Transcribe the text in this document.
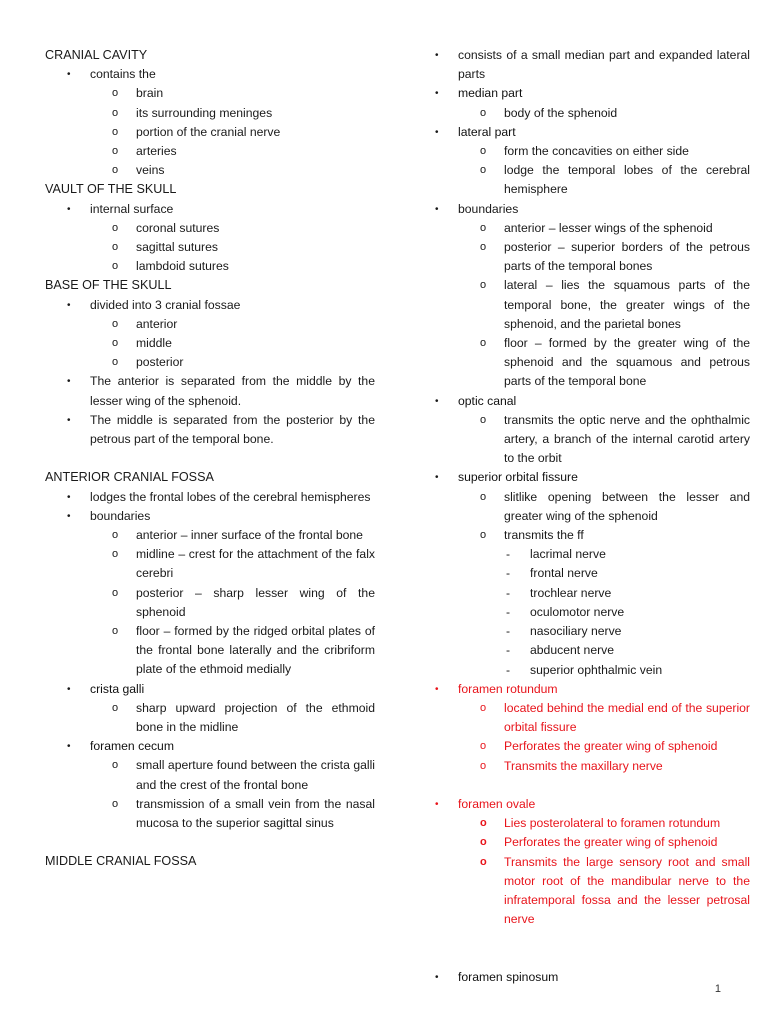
CRANIAL CAVITY
•	contains the
o	brain
o	its surrounding meninges
o	portion of the cranial nerve
o	arteries
o	veins
VAULT OF THE SKULL
•	internal surface
o	coronal sutures
o	sagittal sutures
o	lambdoid sutures
BASE OF THE SKULL
•	divided into 3 cranial fossae
o	anterior
o	middle
o	posterior
•	The anterior is separated from the middle by the lesser wing of the sphenoid.
•	The middle is separated from the posterior by the petrous part of the temporal bone.
ANTERIOR CRANIAL FOSSA
•	lodges the frontal lobes of the cerebral hemispheres
•	boundaries
o	anterior – inner surface of the frontal bone
o	midline – crest for the attachment of the falx cerebri
o	posterior – sharp lesser wing of the sphenoid
o	floor – formed by the ridged orbital plates of the frontal bone laterally and the cribriform plate of the ethmoid medially
•	crista galli
o	sharp upward projection of the ethmoid bone in the midline
•	foramen cecum
o	small aperture found between the crista galli and the crest of the frontal bone
o	transmission of a small vein from the nasal mucosa to the superior sagittal sinus
MIDDLE CRANIAL FOSSA
•	consists of a small median part and expanded lateral parts
•	median part
o	body of the sphenoid
•	lateral part
o	form the concavities on either side
o	lodge the temporal lobes of the cerebral hemisphere
•	boundaries
o	anterior – lesser wings of the sphenoid
o	posterior – superior borders of the petrous parts of the temporal bones
o	lateral – lies the squamous parts of the temporal bone, the greater wings of the sphenoid, and the parietal bones
o	floor – formed by the greater wing of the sphenoid and the squamous and petrous parts of the temporal bone
•	optic canal
o	transmits the optic nerve and the ophthalmic artery, a branch of the internal carotid artery to the orbit
•	superior orbital fissure
o	slitlike opening between the lesser and greater wing of the sphenoid
o	transmits the ff
-	lacrimal nerve
-	frontal nerve
-	trochlear nerve
-	oculomotor nerve
-	nasociliary nerve
-	abducent nerve
-	superior ophthalmic vein
•	foramen rotundum
o	located behind the medial end of the superior orbital fissure
o	Perforates the greater wing of sphenoid
o	Transmits the maxillary nerve
•	foramen ovale
o	Lies posterolateral to foramen rotundum
o	Perforates the greater wing of sphenoid
o	Transmits the large sensory root and small motor root of the mandibular nerve to the infratemporal fossa and the lesser petrosal nerve
•	foramen spinosum
1
